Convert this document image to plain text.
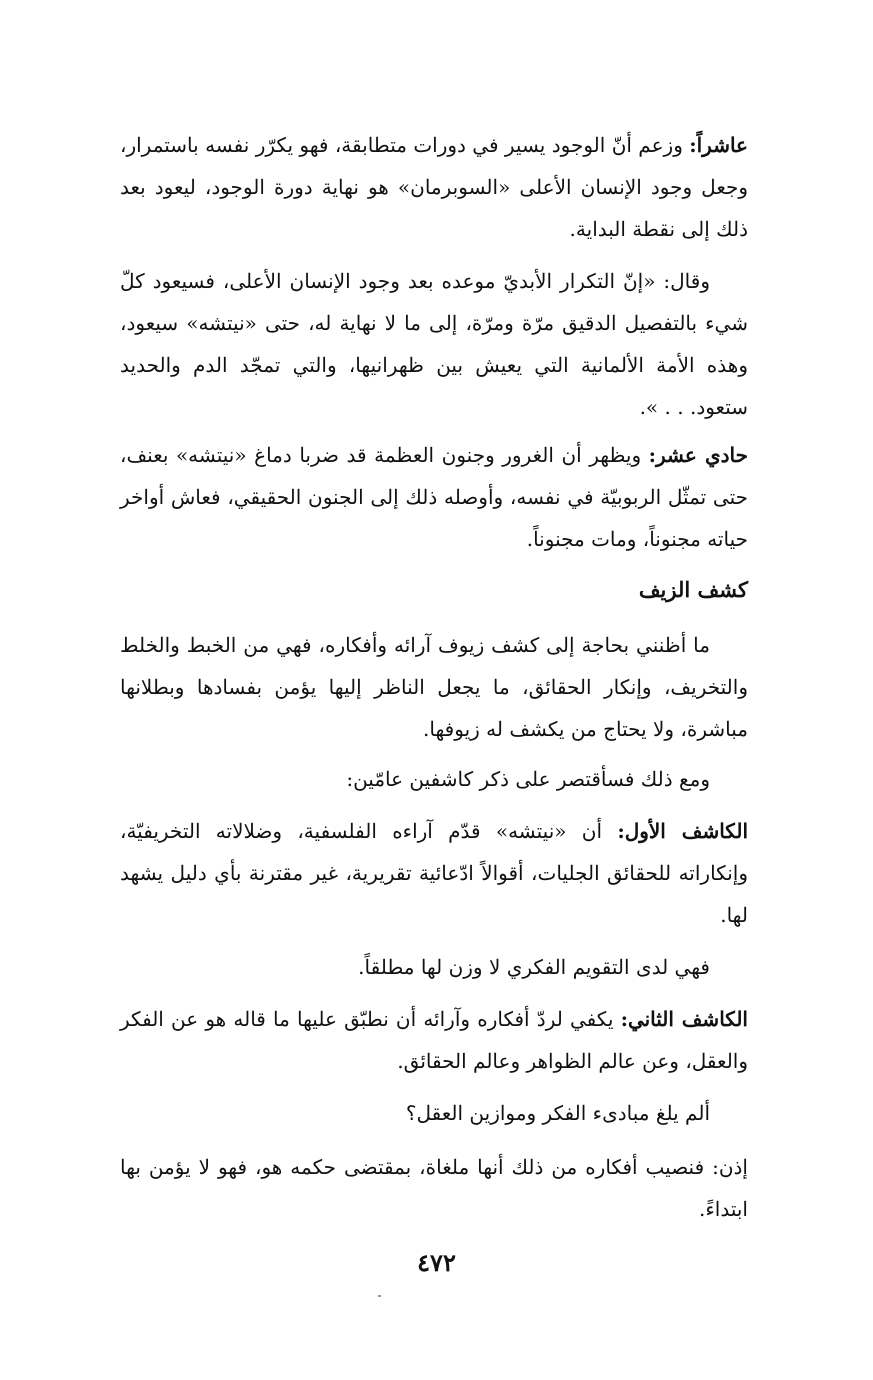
عاشراً: وزعم أنّ الوجود يسير في دورات متطابقة، فهو يكرّر نفسه باستمرار، وجعل وجود الإنسان الأعلى «السوبرمان» هو نهاية دورة الوجود، ليعود بعد ذلك إلى نقطة البداية.
وقال: «إنّ التكرار الأبديّ موعده بعد وجود الإنسان الأعلى، فسيعود كلّ شيء بالتفصيل الدقيق مرّة ومرّة، إلى ما لا نهاية له، حتى «نيتشه» سيعود، وهذه الأمة الألمانية التي يعيش بين ظهرانيها، والتي تمجّد الدم والحديد ستعود. . . ».
حادي عشر: ويظهر أن الغرور وجنون العظمة قد ضربا دماغ «نيتشه» بعنف، حتى تمثّل الربوبيّة في نفسه، وأوصله ذلك إلى الجنون الحقيقي، فعاش أواخر حياته مجنوناً، ومات مجنوناً.
كشف الزيف
ما أظنني بحاجة إلى كشف زيوف آرائه وأفكاره، فهي من الخبط والخلط والتخريف، وإنكار الحقائق، ما يجعل الناظر إليها يؤمن بفسادها وبطلانها مباشرة، ولا يحتاج من يكشف له زيوفها.
ومع ذلك فسأقتصر على ذكر كاشفين عامّين:
الكاشف الأول: أن «نيتشه» قدّم آراءه الفلسفية، وضلالاته التخريفيّة، وإنكاراته للحقائق الجليات، أقوالاً ادّعائية تقريرية، غير مقترنة بأي دليل يشهد لها.
فهي لدى التقويم الفكري لا وزن لها مطلقاً.
الكاشف الثاني: يكفي لردّ أفكاره وآرائه أن نطبّق عليها ما قاله هو عن الفكر والعقل، وعن عالم الظواهر وعالم الحقائق.
ألم يلغ مبادىء الفكر وموازين العقل؟
إذن: فنصيب أفكاره من ذلك أنها ملغاة، بمقتضى حكمه هو، فهو لا يؤمن بها ابتداءً.
٤٧٢
